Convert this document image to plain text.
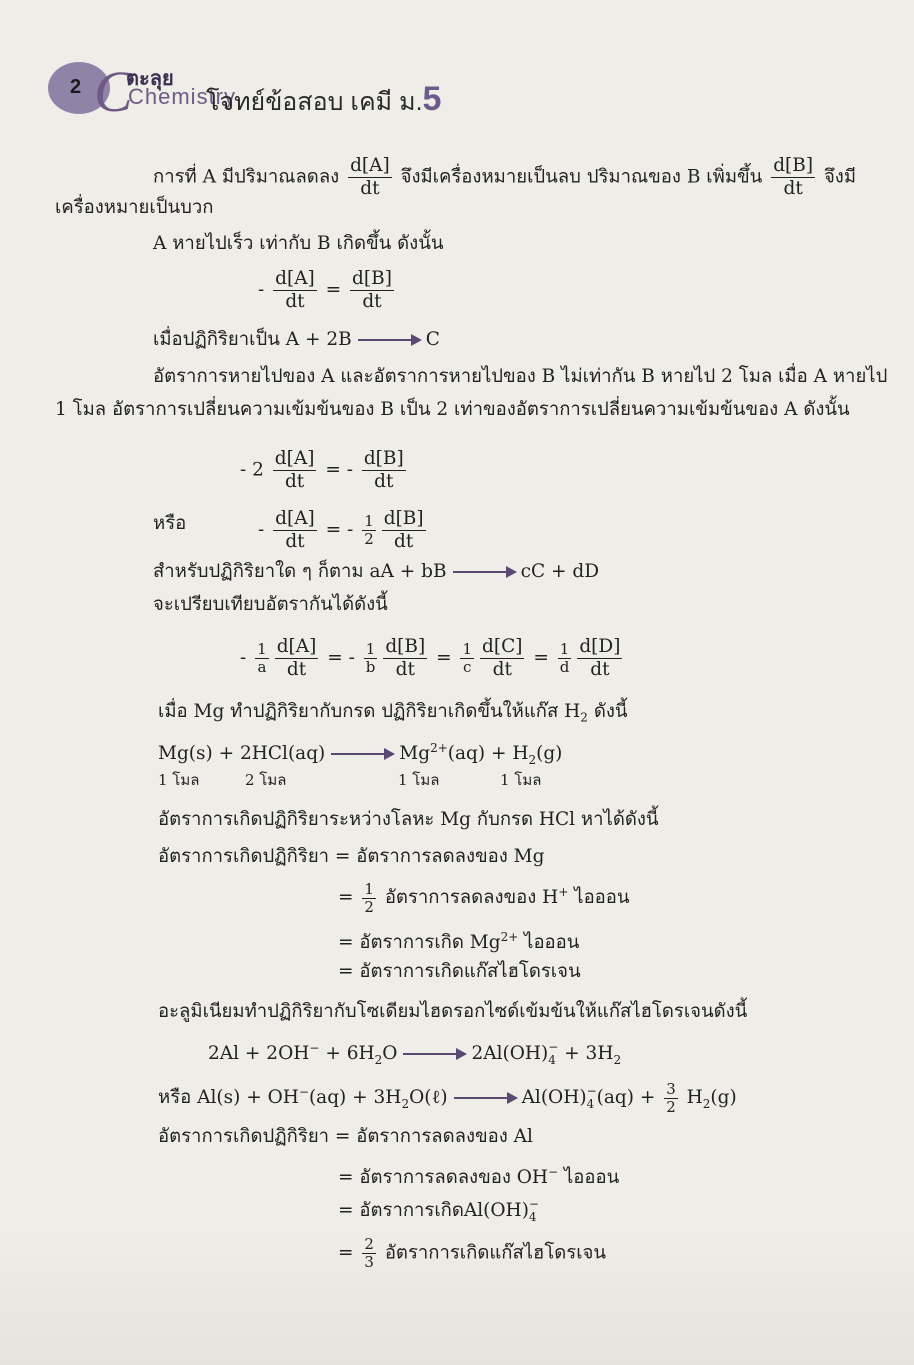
2 C
ตะลุย
Chemistry
โจทย์ข้อสอบ เคมี ม.5
การที่ A มีปริมาณลดลง $\frac{d[A]}{dt}$ จึงมีเครื่องหมายเป็นลบ ปริมาณของ B เพิ่มขึ้น $\frac{d[B]}{dt}$ จึงมี
เครื่องหมายเป็นบวก
A หายไปเร็ว เท่ากับ B เกิดขึ้น ดังนั้น
- $\frac{d[A]}{dt} = \frac{d[B]}{dt}$
เมื่อปฏิกิริยาเป็น A + 2B → C
อัตราการหายไปของ A และอัตราการหายไปของ B ไม่เท่ากัน B หายไป 2 โมล เมื่อ A หายไป
1 โมล อัตราการเปลี่ยนความเข้มข้นของ B เป็น 2 เท่าของอัตราการเปลี่ยนความเข้มข้นของ A ดังนั้น
- $2 \frac{d[A]}{dt}$ = - $\frac{d[B]}{dt}$
หรือ	- $\frac{d[A]}{dt}$ = - $\frac{1}{2} \frac{d[B]}{dt}$
สำหรับปฏิกิริยาใด ๆ ก็ตาม aA + bB → cC + dD
จะเปรียบเทียบอัตรากันได้ดังนี้
- $\frac{1}{a} \frac{d[A]}{dt}$ = - $\frac{1}{b} \frac{d[B]}{dt} = \frac{1}{c} \frac{d[C]}{dt} = \frac{1}{d} \frac{d[D]}{dt}$
เมื่อ Mg ทำปฏิกิริยากับกรด ปฏิกิริยาเกิดขึ้นให้แก๊ส $H_2$ ดังนี้
$Mg(s) + 2HCl(aq) \to Mg^{2+}(aq) + H_2(g)$
1 โมล	2 โมล	1 โมล	1 โมล
อัตราการเกิดปฏิกิริยาระหว่างโลหะ Mg กับกรด HCl หาได้ดังนี้
อัตราการเกิดปฏิกิริยา = อัตราการลดลงของ Mg
= $\frac{1}{2}$ อัตราการลดลงของ H+ ไอออน
= อัตราการเกิด $Mg^{2+}$ ไอออน
= อัตราการเกิดแก๊สไฮโดรเจน
อะลูมิเนียมทำปฏิกิริยากับโซเดียมไฮดรอกไซด์เข้มข้นให้แก๊สไฮโดรเจนดังนี้
$2Al + 2OH^- + 6H_2O \to 2Al(OH)$ −
$4 + 3H_2$
หรือ $Al(s) + OH^-(aq) + 3H_2O(\ell) \to Al(OH)$ −
4 $(aq) + \frac{3}{2} H_2(g)$
อัตราการเกิดปฏิกิริยา = อัตราการลดลงของ Al
= อัตราการลดลงของ OH− ไอออน
= อัตราการเกิดAl(OH) −
4
= $\frac{2}{3}$ อัตราการเกิดแก๊สไฮโดรเจน
